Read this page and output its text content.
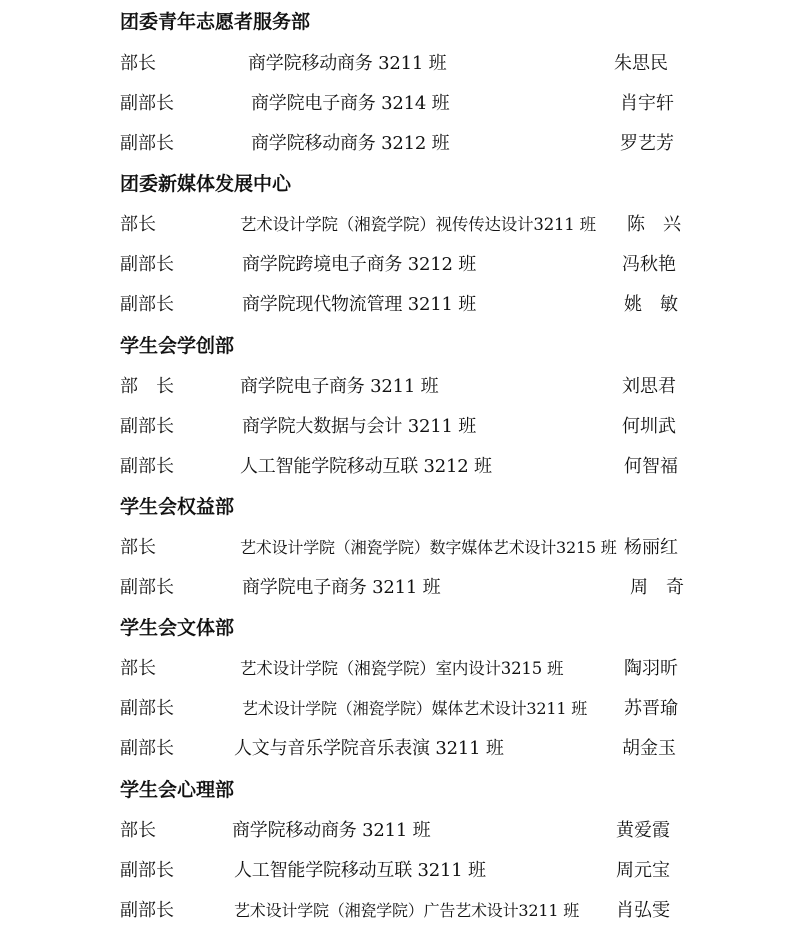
团委青年志愿者服务部
部长	商学院移动商务 3211 班	朱思民
副部长	商学院电子商务 3214 班	肖宇轩
副部长	商学院移动商务 3212 班	罗艺芳
团委新媒体发展中心
部长	艺术设计学院（湘瓷学院）视传传达设计3211 班 陈　兴
副部长	商学院跨境电子商务 3212 班	冯秋艳
副部长	商学院现代物流管理 3211 班	姚　敏
学生会学创部
部　长	商学院电子商务 3211 班	刘思君
副部长	商学院大数据与会计 3211 班	何圳武
副部长	人工智能学院移动互联 3212 班	何智福
学生会权益部
部长	艺术设计学院（湘瓷学院）数字媒体艺术设计3215 班 杨丽红
副部长	商学院电子商务 3211 班	周　奇
学生会文体部
部长	艺术设计学院（湘瓷学院）室内设计3215 班	陶羽昕
副部长	艺术设计学院（湘瓷学院）媒体艺术设计3211 班 苏晋瑜
副部长	人文与音乐学院音乐表演 3211 班	胡金玉
学生会心理部
部长	商学院移动商务 3211 班	黄爱霞
副部长	人工智能学院移动互联 3211 班	周元宝
副部长	艺术设计学院（湘瓷学院）广告艺术设计3211 班 肖弘雯
